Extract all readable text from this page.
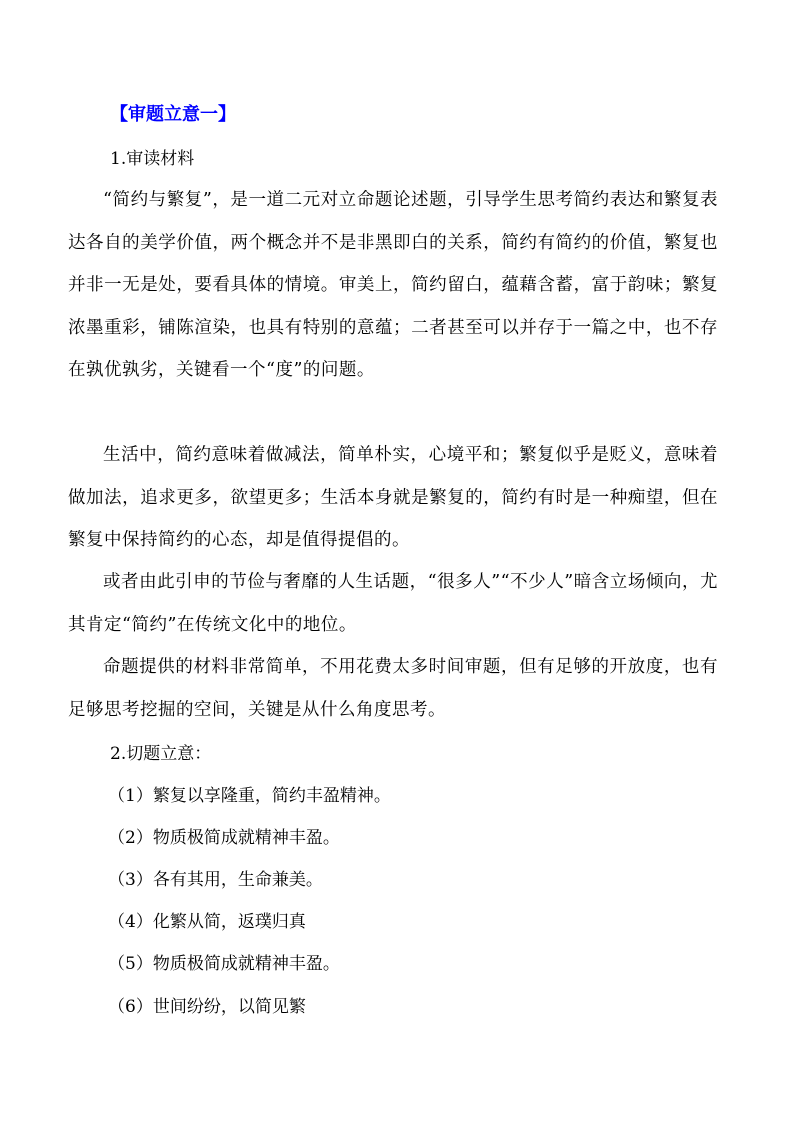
【审题立意一】
1.审读材料
“简约与繁复”，是一道二元对立命题论述题，引导学生思考简约表达和繁复表达各自的美学价值，两个概念并不是非黑即白的关系，简约有简约的价值，繁复也并非一无是处，要看具体的情境。审美上，简约留白，蕴藉含蓄，富于韵味；繁复浓墨重彩，铺陈渲染，也具有特别的意蕴；二者甚至可以并存于一篇之中，也不存在孰优孰劣，关键看一个“度”的问题。
生活中，简约意味着做减法，简单朴实，心境平和；繁复似乎是贬义，意味着做加法，追求更多，欲望更多；生活本身就是繁复的，简约有时是一种痴望，但在繁复中保持简约的心态，却是值得提倡的。
或者由此引申的节俭与奢靡的人生话题，“很多人”“不少人”暗含立场倾向，尤其肯定“简约”在传统文化中的地位。
命题提供的材料非常简单，不用花费太多时间审题，但有足够的开放度，也有足够思考挖掘的空间，关键是从什么角度思考。
2.切题立意：
（1）繁复以享隆重，简约丰盈精神。
（2）物质极简成就精神丰盈。
（3）各有其用，生命兼美。
（4）化繁从简，返璞归真
（5）物质极简成就精神丰盈。
（6）世间纷纷，以简见繁
